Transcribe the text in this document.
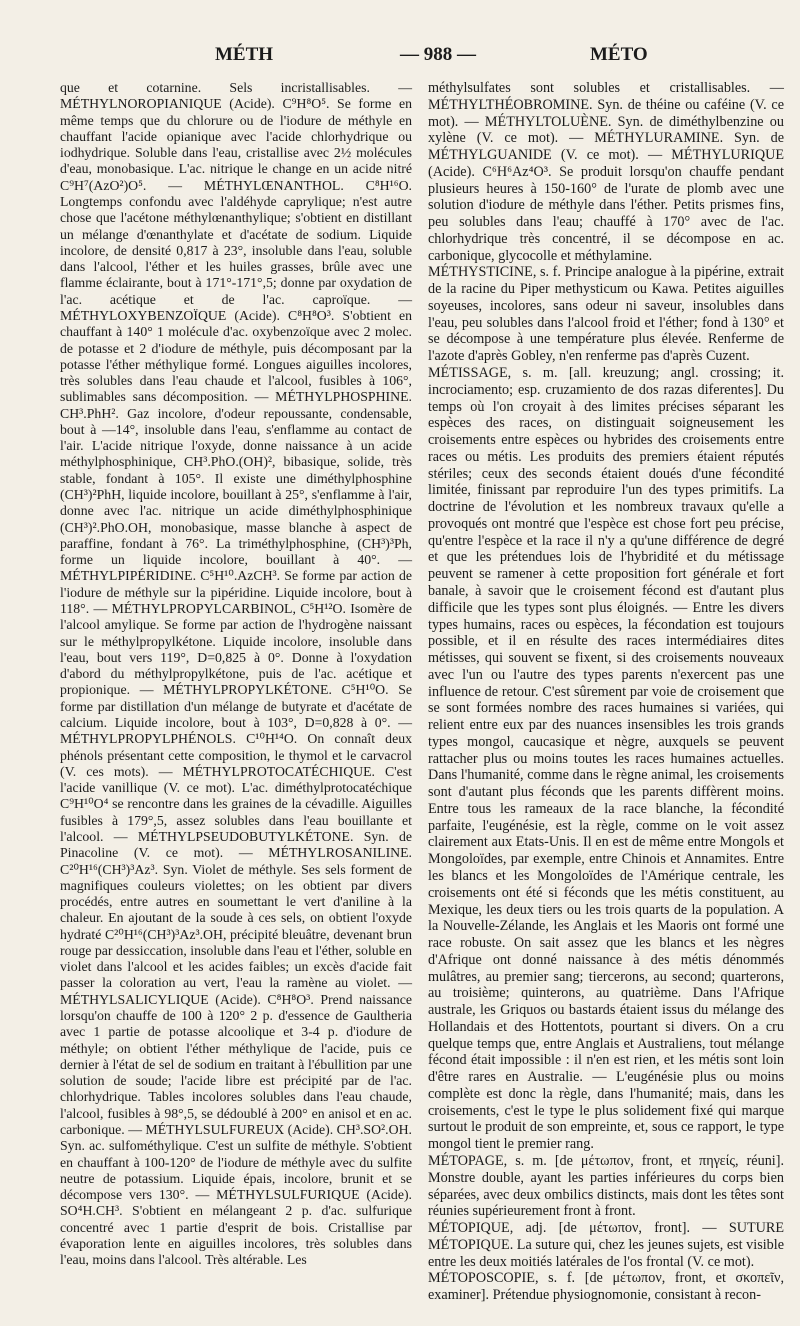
MÉTH	— 988 —	MÉTO

que et cotarnine. Sels incristallisables. — MÉTHYLNOROPIANIQUE (Acide). C⁹H⁸O⁵. Se forme en même temps que du chlorure ou de l'iodure de méthyle en chauffant l'acide opianique avec l'acide chlorhydrique ou iodhydrique. Soluble dans l'eau, cristallise avec 2½ molécules d'eau, monobasique. L'ac. nitrique le change en un acide nitré C⁹H⁷(AzO²)O⁵. — MÉTHYLŒNANTHOL. C⁸H¹⁶O. Longtemps confondu avec l'aldéhyde caprylique; n'est autre chose que l'acétone méthylœnanthylique; s'obtient en distillant un mélange d'œnanthylate et d'acétate de sodium. Liquide incolore, de densité 0,817 à 23°, insoluble dans l'eau, soluble dans l'alcool, l'éther et les huiles grasses, brûle avec une flamme éclairante, bout à 171°-171°,5; donne par oxydation de l'ac. acétique et de l'ac. caproïque. — MÉTHYLOXYBENZOÏQUE (Acide). C⁸H⁸O³. S'obtient en chauffant à 140° 1 molécule d'ac. oxybenzoïque avec 2 molec. de potasse et 2 d'iodure de méthyle, puis décomposant par la potasse l'éther méthylique formé. Longues aiguilles incolores, très solubles dans l'eau chaude et l'alcool, fusibles à 106°, sublimables sans décomposition. — MÉTHYLPHOSPHINE. CH³.PhH². Gaz incolore, d'odeur repoussante, condensable, bout à —14°, insoluble dans l'eau, s'enflamme au contact de l'air. L'acide nitrique l'oxyde, donne naissance à un acide méthylphosphinique, CH³.PhO.(OH)², bibasique, solide, très stable, fondant à 105°. Il existe une diméthylphosphine (CH³)²PhH, liquide incolore, bouillant à 25°, s'enflamme à l'air, donne avec l'ac. nitrique un acide diméthylphosphinique (CH³)².PhO.OH, monobasique, masse blanche à aspect de paraffine, fondant à 76°. La triméthylphosphine, (CH³)³Ph, forme un liquide incolore, bouillant à 40°. — MÉTHYLPIPÉRIDINE. C⁵H¹⁰.AzCH³. Se forme par action de l'iodure de méthyle sur la pipéridine. Liquide incolore, bout à 118°. — MÉTHYLPROPYLCARBINOL, C⁵H¹²O. Isomère de l'alcool amylique. Se forme par action de l'hydrogène naissant sur le méthylpropylkétone. Liquide incolore, insoluble dans l'eau, bout vers 119°, D=0,825 à 0°. Donne à l'oxydation d'abord du méthylpropylkétone, puis de l'ac. acétique et propionique. — MÉTHYLPROPYLKÉTONE. C⁵H¹⁰O. Se forme par distillation d'un mélange de butyrate et d'acétate de calcium. Liquide incolore, bout à 103°, D=0,828 à 0°. — MÉTHYLPROPYLPHÉNOLS. C¹⁰H¹⁴O. On connaît deux phénols présentant cette composition, le thymol et le carvacrol (V. ces mots). — MÉTHYLPROTOCATÉCHIQUE. C'est l'acide vanillique (V. ce mot). L'ac. diméthylprotocatéchique C⁹H¹⁰O⁴ se rencontre dans les graines de la cévadille. Aiguilles fusibles à 179°,5, assez solubles dans l'eau bouillante et l'alcool. — MÉTHYLPSEUDOBUTYLKÉTONE. Syn. de Pinacoline (V. ce mot). — MÉTHYLROSANILINE. C²⁰H¹⁶(CH³)³Az³. Syn. Violet de méthyle. Ses sels forment de magnifiques couleurs violettes; on les obtient par divers procédés, entre autres en soumettant le vert d'aniline à la chaleur. En ajoutant de la soude à ces sels, on obtient l'oxyde hydraté C²⁰H¹⁶(CH³)³Az³.OH, précipité bleuâtre, devenant brun rouge par dessiccation, insoluble dans l'eau et l'éther, soluble en violet dans l'alcool et les acides faibles; un excès d'acide fait passer la coloration au vert, l'eau la ramène au violet. — MÉTHYLSALICYLIQUE (Acide). C⁸H⁸O³. Prend naissance lorsqu'on chauffe de 100 à 120° 2 p. d'essence de Gaultheria avec 1 partie de potasse alcoolique et 3-4 p. d'iodure de méthyle; on obtient l'éther méthylique de l'acide, puis ce dernier à l'état de sel de sodium en traitant à l'ébullition par une solution de soude; l'acide libre est précipité par de l'ac. chlorhydrique. Tables incolores solubles dans l'eau chaude, l'alcool, fusibles à 98°,5, se dédoublé à 200° en anisol et en ac. carbonique. — MÉTHYLSULFUREUX (Acide). CH³.SO².OH. Syn. ac. sulfométhylique. C'est un sulfite de méthyle. S'obtient en chauffant à 100-120° de l'iodure de méthyle avec du sulfite neutre de potassium. Liquide épais, incolore, brunit et se décompose vers 130°. — MÉTHYLSULFURIQUE (Acide). SO⁴H.CH³. S'obtient en mélangeant 2 p. d'ac. sulfurique concentré avec 1 partie d'esprit de bois. Cristallise par évaporation lente en aiguilles incolores, très solubles dans l'eau, moins dans l'alcool. Très altérable. Les

méthylsulfates sont solubles et cristallisables. — MÉTHYLTHÉOBROMINE. Syn. de théine ou caféine (V. ce mot). — MÉTHYLTOLUÈNE. Syn. de diméthylbenzine ou xylène (V. ce mot). — MÉTHYLURAMINE. Syn. de MÉTHYLGUANIDE (V. ce mot). — MÉTHYLURIQUE (Acide). C⁶H⁶Az⁴O³. Se produit lorsqu'on chauffe pendant plusieurs heures à 150-160° de l'urate de plomb avec une solution d'iodure de méthyle dans l'éther. Petits prismes fins, peu solubles dans l'eau; chauffé à 170° avec de l'ac. chlorhydrique très concentré, il se décompose en ac. carbonique, glycocolle et méthylamine.

MÉTHYSTICINE, s. f. Principe analogue à la pipérine, extrait de la racine du Piper methysticum ou Kawa. Petites aiguilles soyeuses, incolores, sans odeur ni saveur, insolubles dans l'eau, peu solubles dans l'alcool froid et l'éther; fond à 130° et se décompose à une température plus élevée. Renferme de l'azote d'après Gobley, n'en renferme pas d'après Cuzent.

MÉTISSAGE, s. m. [all. kreuzung; angl. crossing; it. incrociamento; esp. cruzamiento de dos razas diferentes]. Du temps où l'on croyait à des limites précises séparant les espèces des races, on distinguait soigneusement les croisements entre espèces ou hybrides des croisements entre races ou métis. Les produits des premiers étaient réputés stériles; ceux des seconds étaient doués d'une fécondité limitée, finissant par reproduire l'un des types primitifs. La doctrine de l'évolution et les nombreux travaux qu'elle a provoqués ont montré que l'espèce est chose fort peu précise, qu'entre l'espèce et la race il n'y a qu'une différence de degré et que les prétendues lois de l'hybridité et du métissage peuvent se ramener à cette proposition fort générale et fort banale, à savoir que le croisement fécond est d'autant plus difficile que les types sont plus éloignés. — Entre les divers types humains, races ou espèces, la fécondation est toujours possible, et il en résulte des races intermédiaires dites métisses, qui souvent se fixent, si des croisements nouveaux avec l'un ou l'autre des types parents n'exercent pas une influence de retour. C'est sûrement par voie de croisement que se sont formées nombre des races humaines si variées, qui relient entre eux par des nuances insensibles les trois grands types mongol, caucasique et nègre, auxquels se peuvent rattacher plus ou moins toutes les races humaines actuelles. Dans l'humanité, comme dans le règne animal, les croisements sont d'autant plus féconds que les parents diffèrent moins. Entre tous les rameaux de la race blanche, la fécondité parfaite, l'eugénésie, est la règle, comme on le voit assez clairement aux Etats-Unis. Il en est de même entre Mongols et Mongoloïdes, par exemple, entre Chinois et Annamites. Entre les blancs et les Mongoloïdes de l'Amérique centrale, les croisements ont été si féconds que les métis constituent, au Mexique, les deux tiers ou les trois quarts de la population. A la Nouvelle-Zélande, les Anglais et les Maoris ont formé une race robuste. On sait assez que les blancs et les nègres d'Afrique ont donné naissance à des métis dénommés mulâtres, au premier sang; tiercerons, au second; quarterons, au troisième; quinterons, au quatrième. Dans l'Afrique australe, les Griquos ou bastards étaient issus du mélange des Hollandais et des Hottentots, pourtant si divers. On a cru quelque temps que, entre Anglais et Australiens, tout mélange fécond était impossible : il n'en est rien, et les métis sont loin d'être rares en Australie. — L'eugénésie plus ou moins complète est donc la règle, dans l'humanité; mais, dans les croisements, c'est le type le plus solidement fixé qui marque surtout le produit de son empreinte, et, sous ce rapport, le type mongol tient le premier rang.

MÉTOPAGE, s. m. [de μέτωπον, front, et πηγείς, réuni]. Monstre double, ayant les parties inférieures du corps bien séparées, avec deux ombilics distincts, mais dont les têtes sont réunies supérieurement front à front.

MÉTOPIQUE, adj. [de μέτωπον, front]. — SUTURE MÉTOPIQUE. La suture qui, chez les jeunes sujets, est visible entre les deux moitiés latérales de l'os frontal (V. ce mot).

MÉTOPOSCOPIE, s. f. [de μέτωπον, front, et σκοπεῖν, examiner]. Prétendue physiognomonie, consistant à recon-
